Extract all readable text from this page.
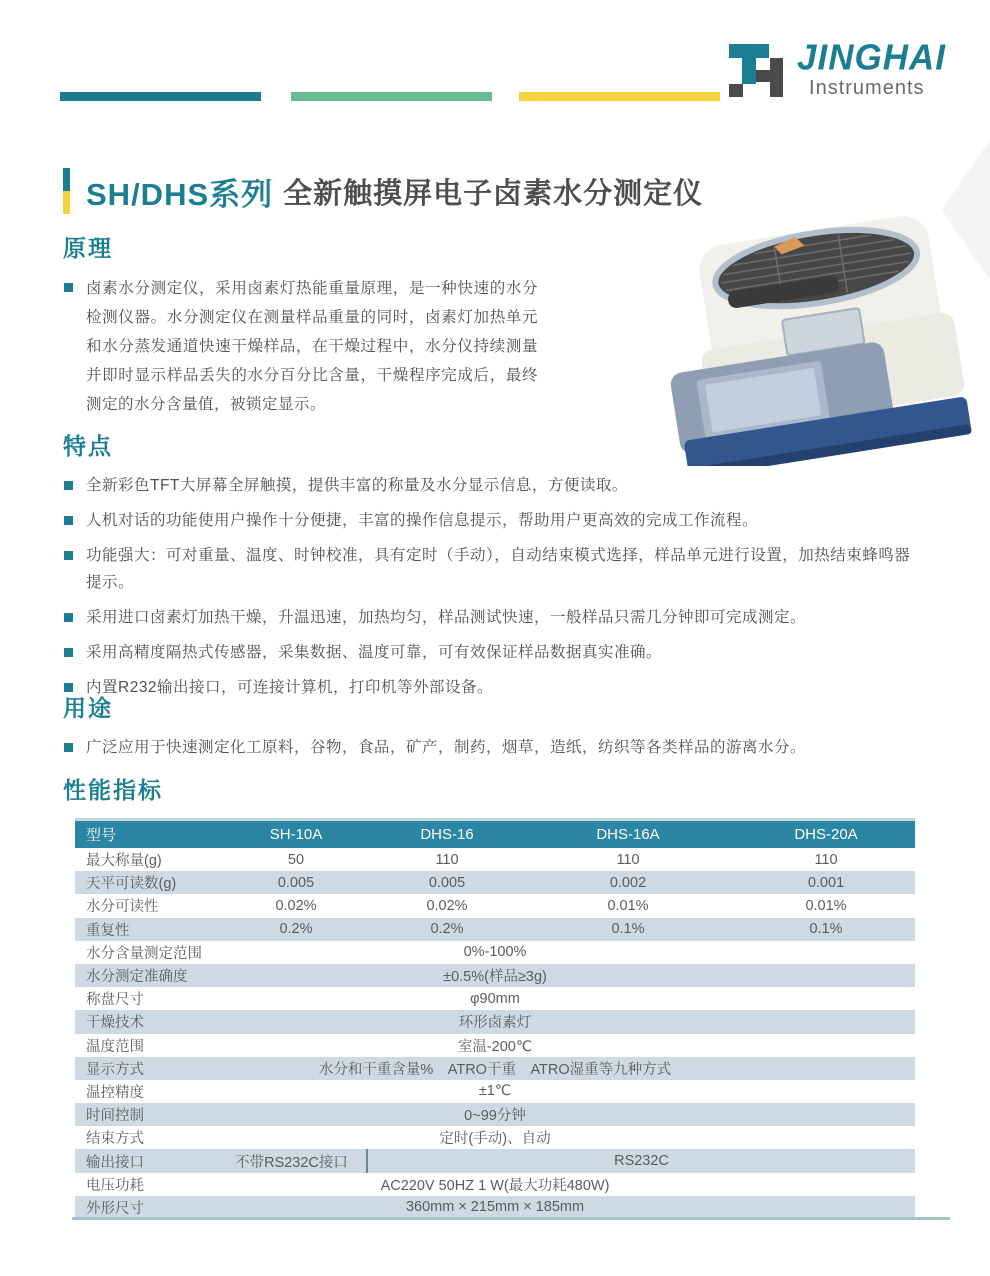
JINGHAI
Instruments
SH/DHS系列 全新触摸屏电子卤素水分测定仪
原理
卤素水分测定仪，采用卤素灯热能重量原理，是一种快速的水分检测仪器。水分测定仪在测量样品重量的同时，卤素灯加热单元和水分蒸发通道快速干燥样品，在干燥过程中，水分仪持续测量并即时显示样品丢失的水分百分比含量，干燥程序完成后，最终测定的水分含量值，被锁定显示。
特点
全新彩色TFT大屏幕全屏触摸，提供丰富的称量及水分显示信息，方便读取。
人机对话的功能使用户操作十分便捷，丰富的操作信息提示，帮助用户更高效的完成工作流程。
功能强大：可对重量、温度、时钟校准，具有定时（手动），自动结束模式选择，样品单元进行设置，加热结束蜂鸣器提示。
采用进口卤素灯加热干燥，升温迅速，加热均匀，样品测试快速，一般样品只需几分钟即可完成测定。
采用高精度隔热式传感器，采集数据、温度可靠，可有效保证样品数据真实准确。
内置R232输出接口，可连接计算机，打印机等外部设备。
用途
广泛应用于快速测定化工原料，谷物，食品，矿产，制药，烟草，造纸，纺织等各类样品的游离水分。
性能指标
型号	SH-10A	DHS-16	DHS-16A	DHS-20A
最大称量(g)	50	110	110	110
天平可读数(g)	0.005	0.005	0.002	0.001
水分可读性	0.02%	0.02%	0.01%	0.01%
重复性	0.2%	0.2%	0.1%	0.1%
水分含量测定范围	0%-100%
水分测定准确度	±0.5%(样品≥3g)
称盘尺寸	φ90mm
干燥技术	环形卤素灯
温度范围	室温-200℃
显示方式	水分和干重含量%　ATRO干重　ATRO湿重等九种方式
温控精度	±1℃
时间控制	0~99分钟
结束方式	定时(手动)、自动
输出接口	不带RS232C接口	RS232C
电压功耗	AC220V 50HZ 1 W(最大功耗480W)
外形尺寸	360mm × 215mm × 185mm
